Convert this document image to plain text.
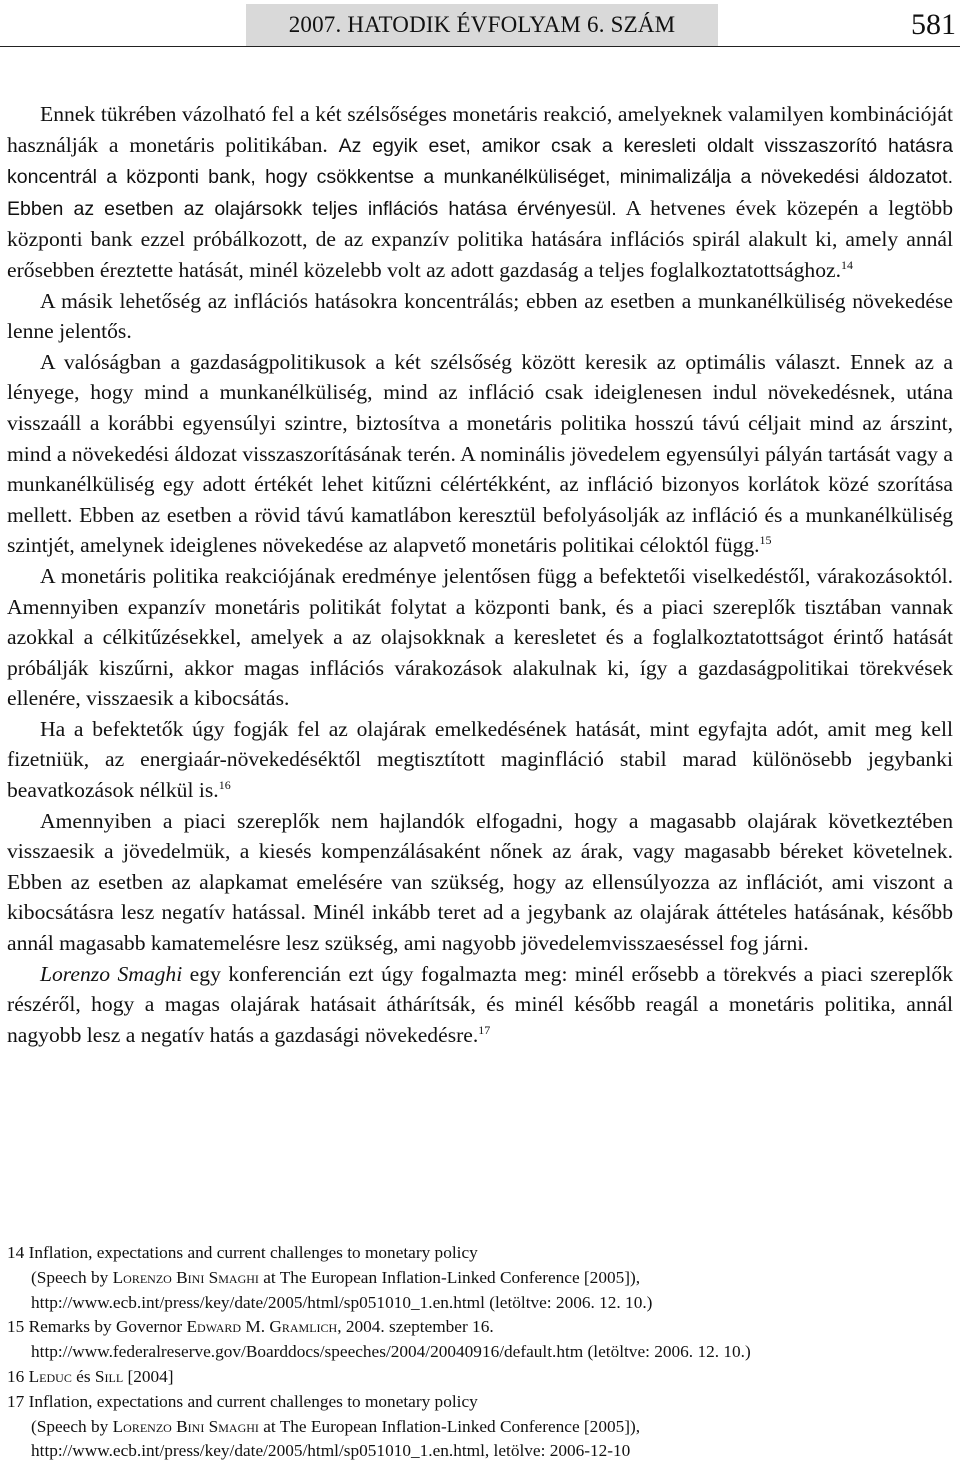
2007. HATODIK ÉVFOLYAM 6. SZÁM	581

Ennek tükrében vázolható fel a két szélsőséges monetáris reakció, amelyeknek valamilyen kombinációját használják a monetáris politikában. Az egyik eset, amikor csak a keresleti oldalt visszaszorító hatásra koncentrál a központi bank, hogy csökkentse a munkanélküliséget, minimalizálja a növekedési áldozatot. Ebben az esetben az olajársokk teljes inflációs hatása érvényesül. A hetvenes évek közepén a legtöbb központi bank ezzel próbálkozott, de az expanzív politika hatására inflációs spirál alakult ki, amely annál erősebben éreztette hatását, minél közelebb volt az adott gazdaság a teljes foglalkoztatottsághoz.$^{14}$

A másik lehetőség az inflációs hatásokra koncentrálás; ebben az esetben a munkanélküliség növekedése lenne jelentős.

A valóságban a gazdaságpolitikusok a két szélsőség között keresik az optimális választ. Ennek az a lényege, hogy mind a munkanélküliség, mind az infláció csak ideiglenesen indul növekedésnek, utána visszaáll a korábbi egyensúlyi szintre, biztosítva a monetáris politika hosszú távú céljait mind az árszint, mind a növekedési áldozat visszaszorításának terén. A nominális jövedelem egyensúlyi pályán tartását vagy a munkanélküliség egy adott értékét lehet kitűzni célértékként, az infláció bizonyos korlátok közé szorítása mellett. Ebben az esetben a rövid távú kamatlábon keresztül befolyásolják az infláció és a munkanélküliség szintjét, amelynek ideiglenes növekedése az alapvető monetáris politikai céloktól függ.$^{15}$

A monetáris politika reakciójának eredménye jelentősen függ a befektetői viselkedéstől, várakozásoktól. Amennyiben expanzív monetáris politikát folytat a központi bank, és a piaci szereplők tisztában vannak azokkal a célkitűzésekkel, amelyek a az olajsokknak a keresletet és a foglalkoztatottságot érintő hatását próbálják kiszűrni, akkor magas inflációs várakozások alakulnak ki, így a gazdaságpolitikai törekvések ellenére, visszaesik a kibocsátás.

Ha a befektetők úgy fogják fel az olajárak emelkedésének hatását, mint egyfajta adót, amit meg kell fizetniük, az energiaár-növekedéséktől megtisztított maginfláció stabil marad különösebb jegybanki beavatkozások nélkül is.$^{16}$

Amennyiben a piaci szereplők nem hajlandók elfogadni, hogy a magasabb olajárak következtében visszaesik a jövedelmük, a kiesés kompenzálásaként nőnek az árak, vagy magasabb béreket követelnek. Ebben az esetben az alapkamat emelésére van szükség, hogy az ellensúlyozza az inflációt, ami viszont a kibocsátásra lesz negatív hatással. Minél inkább teret ad a jegybank az olajárak áttételes hatásának, később annál magasabb kamatemelésre lesz szükség, ami nagyobb jövedelemvisszaeséssel fog járni.

Lorenzo Smaghi egy konferencián ezt úgy fogalmazta meg: minél erősebb a törekvés a piaci szereplők részéről, hogy a magas olajárak hatásait áthárítsák, és minél később reagál a monetáris politika, annál nagyobb lesz a negatív hatás a gazdasági növekedésre.$^{17}$

14 Inflation, expectations and current challenges to monetary policy
(Speech by Lorenzo Bini Smaghi at The European Inflation-Linked Conference [2005]),
http://www.ecb.int/press/key/date/2005/html/sp051010_1.en.html (letöltve: 2006. 12. 10.)
15 Remarks by Governor Edward M. Gramlich, 2004. szeptember 16.
http://www.federalreserve.gov/Boarddocs/speeches/2004/20040916/default.htm (letöltve: 2006. 12. 10.)
16 Leduc és Sill [2004]
17 Inflation, expectations and current challenges to monetary policy
(Speech by Lorenzo Bini Smaghi at The European Inflation-Linked Conference [2005]),
http://www.ecb.int/press/key/date/2005/html/sp051010_1.en.html, letölve: 2006-12-10
